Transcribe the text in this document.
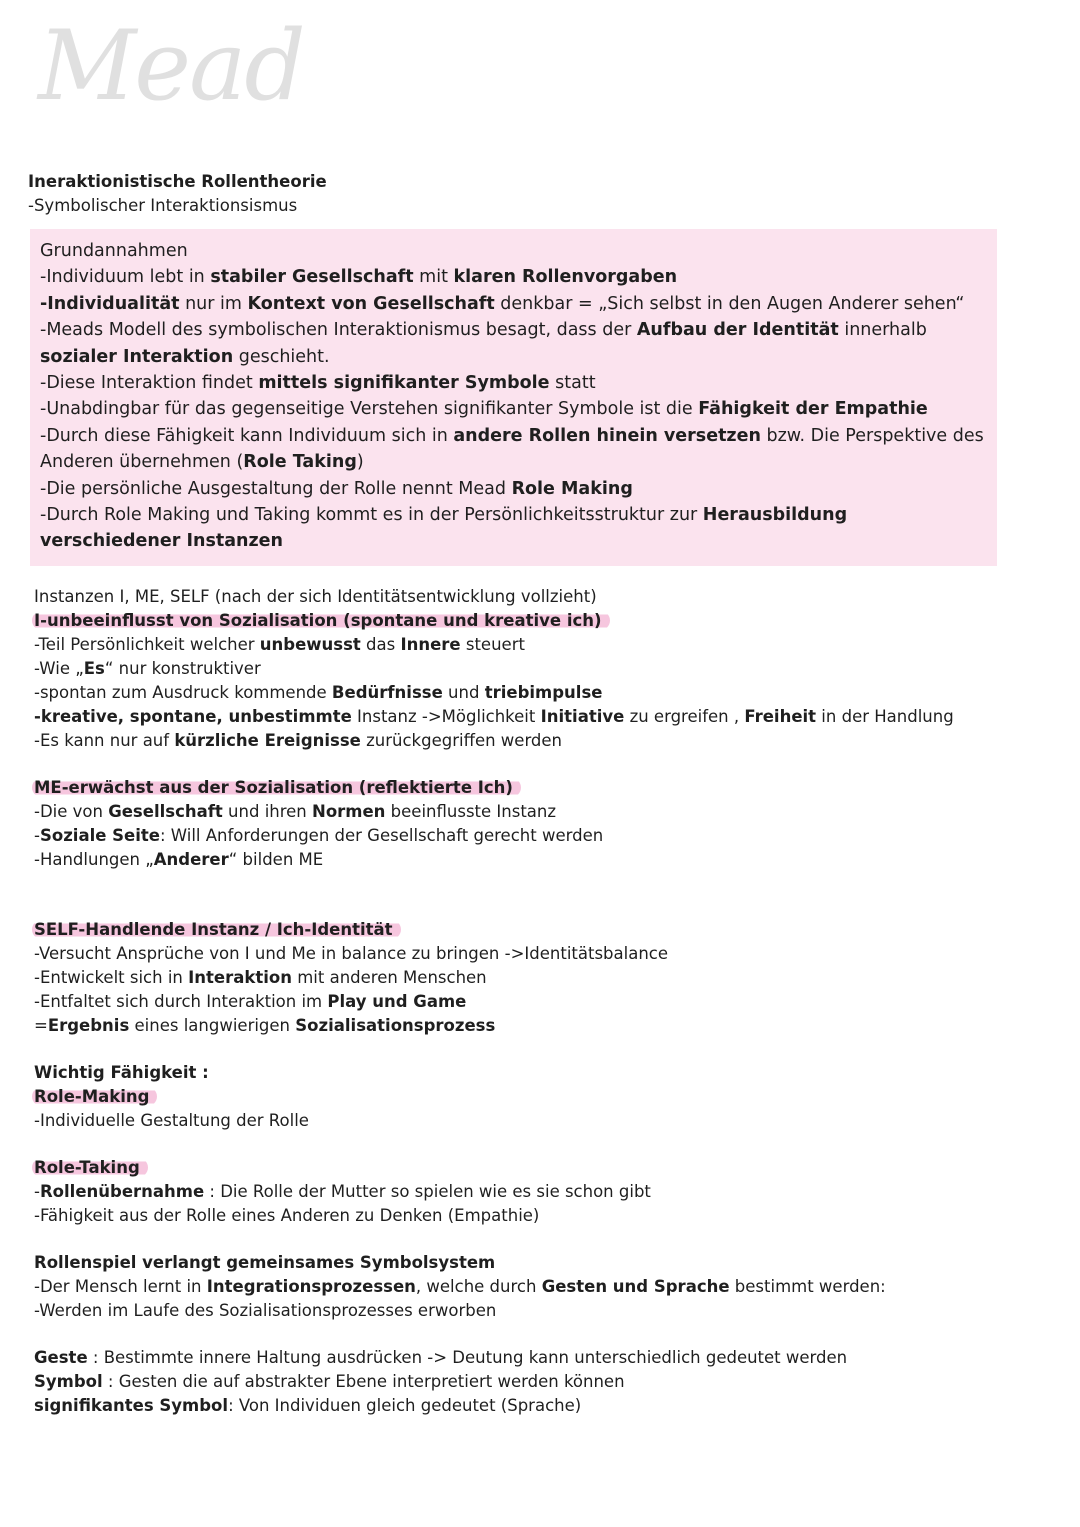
Mead
Ineraktionistische Rollentheorie
-Symbolischer Interaktionsismus

Grundannahmen

-Individuum lebt in stabiler Gesellschaft mit klaren Rollenvorgaben

-Individualität nur im Kontext von Gesellschaft denkbar = „Sich selbst in den Augen Anderer sehen“

-Meads Modell des symbolischen Interaktionismus besagt, dass der Aufbau der Identität innerhalb sozialer Interaktion geschieht.

-Diese Interaktion findet mittels signifikanter Symbole statt

-Unabdingbar für das gegenseitige Verstehen signifikanter Symbole ist die Fähigkeit der Empathie

-Durch diese Fähigkeit kann Individuum sich in andere Rollen hinein versetzen bzw. Die Perspektive des Anderen übernehmen (Role Taking)

-Die persönliche Ausgestaltung der Rolle nennt Mead Role Making

-Durch Role Making und Taking kommt es in der Persönlichkeitsstruktur zur Herausbildung verschiedener Instanzen

Instanzen I, ME, SELF (nach der sich Identitätsentwicklung vollzieht)

I-unbeeinflusst von Sozialisation (spontane und kreative ich)

-Teil Persönlichkeit welcher unbewusst das Innere steuert

-Wie „Es“ nur konstruktiver

-spontan zum Ausdruck kommende Bedürfnisse und triebimpulse

-kreative, spontane, unbestimmte Instanz ->Möglichkeit Initiative zu ergreifen , Freiheit in der Handlung

-Es kann nur auf kürzliche Ereignisse zurückgegriffen werden

ME-erwächst aus der Sozialisation (reflektierte Ich)

-Die von Gesellschaft und ihren Normen beeinflusste Instanz

-Soziale Seite: Will Anforderungen der Gesellschaft gerecht werden

-Handlungen „Anderer“ bilden ME

SELF-Handlende Instanz / Ich-Identität

-Versucht Ansprüche von I und Me in balance zu bringen ->Identitätsbalance

-Entwickelt sich in Interaktion mit anderen Menschen

-Entfaltet sich durch Interaktion im Play und Game

=Ergebnis eines langwierigen Sozialisationsprozess

Wichtig Fähigkeit :

Role-Making

-Individuelle Gestaltung der Rolle

Role-Taking

-Rollenübernahme : Die Rolle der Mutter so spielen wie es sie schon gibt

-Fähigkeit aus der Rolle eines Anderen zu Denken (Empathie)

Rollenspiel verlangt gemeinsames Symbolsystem

-Der Mensch lernt in Integrationsprozessen, welche durch Gesten und Sprache bestimmt werden:

-Werden im Laufe des Sozialisationsprozesses erworben

Geste : Bestimmte innere Haltung ausdrücken -> Deutung kann unterschiedlich gedeutet werden

Symbol : Gesten die auf abstrakter Ebene interpretiert werden können

signifikantes Symbol: Von Individuen gleich gedeutet (Sprache)
